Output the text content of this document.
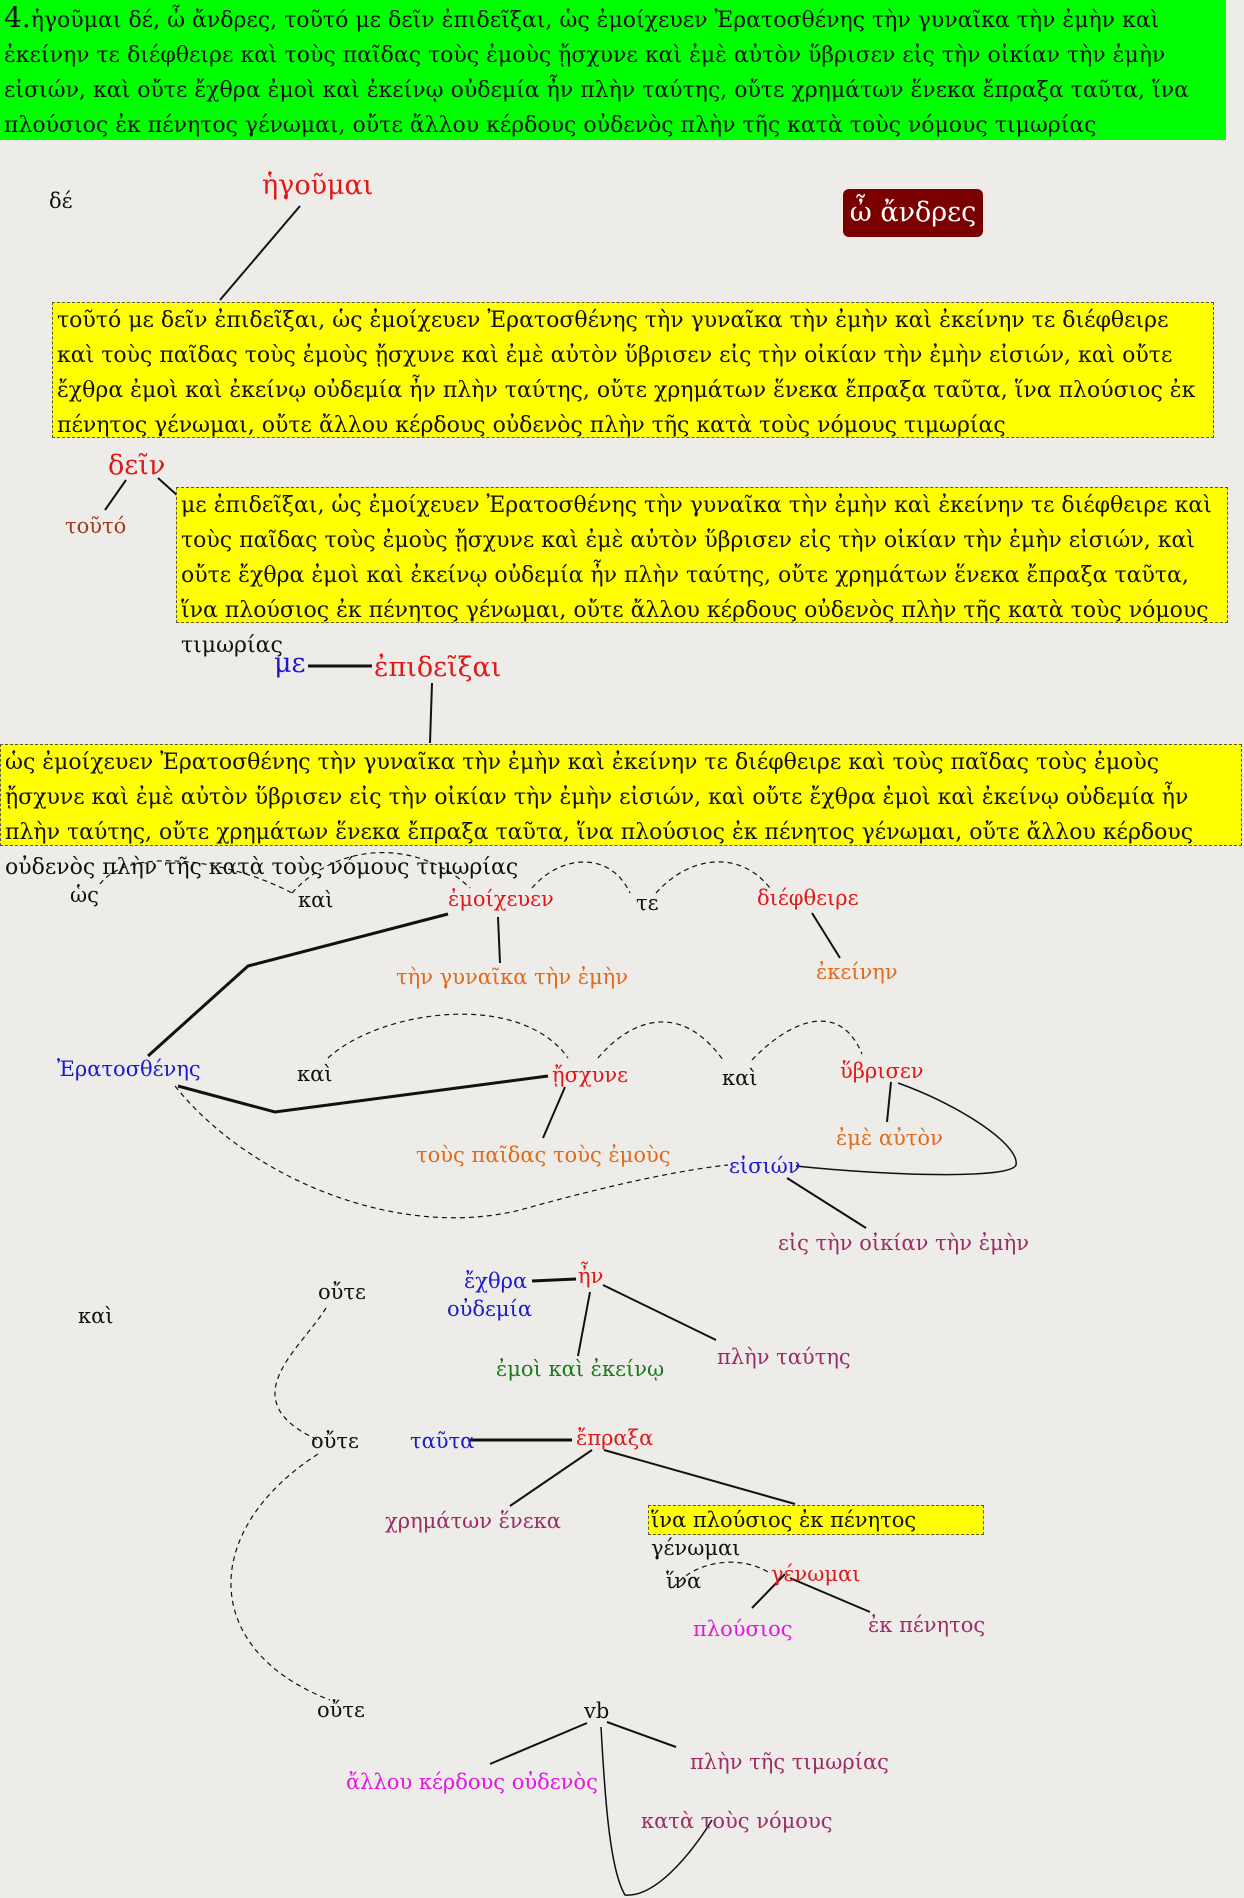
4.ἡγοῦμαι δέ, ὦ ἄνδρες, τοῦτό με δεῖν ἐπιδεῖξαι, ὡς ἐμοίχευεν Ἐρατοσθένης τὴν γυναῖκα τὴν ἐμὴν καὶ ἐκείνην τε διέφθειρε καὶ τοὺς παῖδας τοὺς ἐμοὺς ᾔσχυνε καὶ ἐμὲ αὐτὸν ὕβρισεν εἰς τὴν οἰκίαν τὴν ἐμὴν εἰσιών, καὶ οὔτε ἔχθρα ἐμοὶ καὶ ἐκείνῳ οὐδεμία ἦν πλὴν ταύτης, οὔτε χρημάτων ἕνεκα ἔπραξα ταῦτα, ἵνα πλούσιος ἐκ πένητος γένωμαι, οὔτε ἄλλου κέρδους οὐδενὸς πλὴν τῆς κατὰ τοὺς νόμους τιμωρίας
δέ	ἡγοῦμαι
ὦ ἄνδρες
τοῦτό με δεῖν ἐπιδεῖξαι, ὡς ἐμοίχευεν Ἐρατοσθένης τὴν γυναῖκα τὴν ἐμὴν καὶ ἐκείνην τε διέφθειρε καὶ τοὺς παῖδας τοὺς ἐμοὺς ᾔσχυνε καὶ ἐμὲ αὐτὸν ὕβρισεν εἰς τὴν οἰκίαν τὴν ἐμὴν εἰσιών, καὶ οὔτε ἔχθρα ἐμοὶ καὶ ἐκείνῳ οὐδεμία ἦν πλὴν ταύτης, οὔτε χρημάτων ἕνεκα ἔπραξα ταῦτα, ἵνα πλούσιος ἐκ πένητος γένωμαι, οὔτε ἄλλου κέρδους οὐδενὸς πλὴν τῆς κατὰ τοὺς νόμους τιμωρίας
δεῖν
τοῦτό
με ἐπιδεῖξαι, ὡς ἐμοίχευεν Ἐρατοσθένης τὴν γυναῖκα τὴν ἐμὴν καὶ ἐκείνην τε διέφθειρε καὶ τοὺς παῖδας τοὺς ἐμοὺς ᾔσχυνε καὶ ἐμὲ αὐτὸν ὕβρισεν εἰς τὴν οἰκίαν τὴν ἐμὴν εἰσιών, καὶ οὔτε ἔχθρα ἐμοὶ καὶ ἐκείνῳ οὐδεμία ἦν πλὴν ταύτης, οὔτε χρημάτων ἕνεκα ἔπραξα ταῦτα, ἵνα πλούσιος ἐκ πένητος γένωμαι, οὔτε ἄλλου κέρδους οὐδενὸς πλὴν τῆς κατὰ τοὺς νόμους τιμωρίας
με	ἐπιδεῖξαι
ὡς ἐμοίχευεν Ἐρατοσθένης τὴν γυναῖκα τὴν ἐμὴν καὶ ἐκείνην τε διέφθειρε καὶ τοὺς παῖδας τοὺς ἐμοὺς ᾔσχυνε καὶ ἐμὲ αὐτὸν ὕβρισεν εἰς τὴν οἰκίαν τὴν ἐμὴν εἰσιών, καὶ οὔτε ἔχθρα ἐμοὶ καὶ ἐκείνῳ οὐδεμία ἦν πλὴν ταύτης, οὔτε χρημάτων ἕνεκα ἔπραξα ταῦτα, ἵνα πλούσιος ἐκ πένητος γένωμαι, οὔτε ἄλλου κέρδους οὐδενὸς πλὴν τῆς κατὰ τοὺς νόμους τιμωρίας
ὡς	καὶ	ἐμοίχευεν
τὴν γυναῖκα τὴν ἐμὴν
τε	διέφθειρε
ἐκείνην
Ἐρατοσθένης	καὶ	ᾔσχυνε
τοὺς παῖδας τοὺς ἐμοὺς
καὶ	ὕβρισεν
ἐμὲ αὐτὸν
εἰσιών
εἰς τὴν οἰκίαν τὴν ἐμὴν
καὶ
οὔτε	ἔχθρα
οὐδεμία
ἦν
ἐμοὶ καὶ ἐκείνῳ	πλὴν ταύτης
οὔτε ταῦτα	ἔπραξα
χρημάτων ἕνεκα	ἵνα πλούσιος ἐκ πένητος γένωμαι
ἵνα	γένωμαι
πλούσιος	ἐκ πένητος
οὔτε	vb
ἄλλου κέρδους οὐδενὸς
πλὴν τῆς τιμωρίας
κατὰ τοὺς νόμους
